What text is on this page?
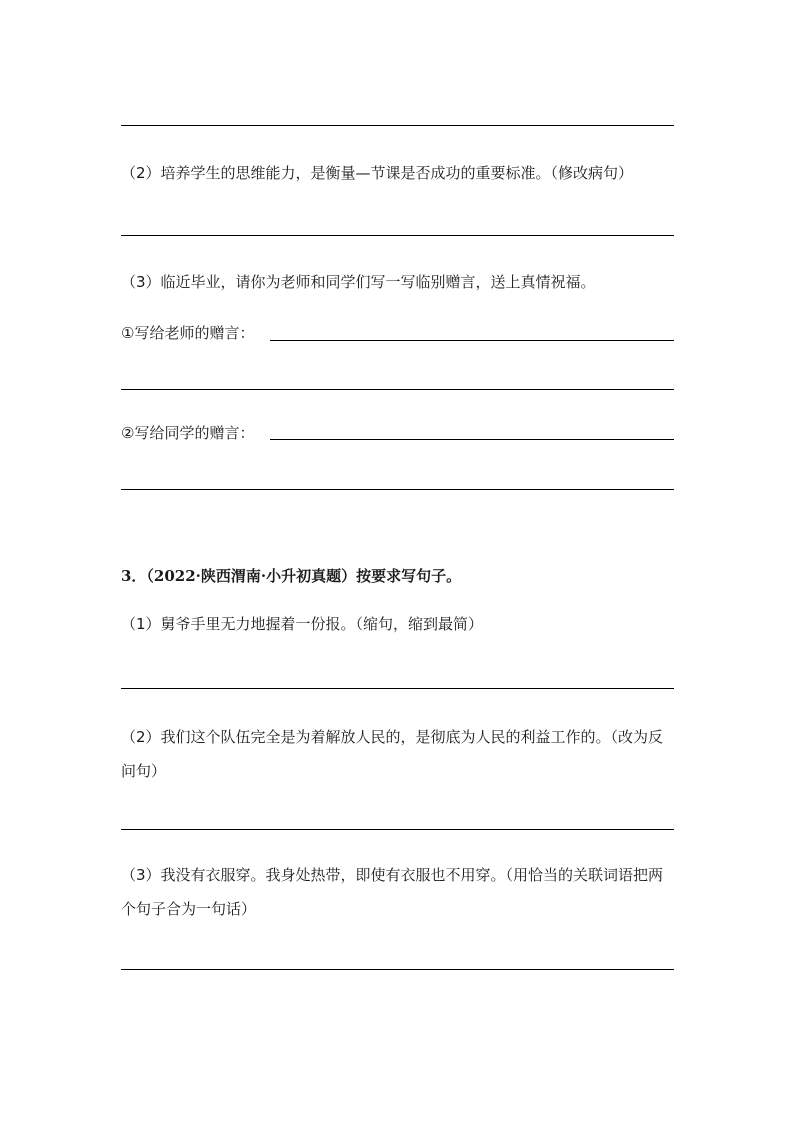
（2）培养学生的思维能力，是衡量—节课是否成功的重要标准。（修改病句）
（3）临近毕业，请你为老师和同学们写一写临别赠言，送上真情祝福。
①写给老师的赠言：
②写给同学的赠言：
3．（2022·陕西渭南·小升初真题）按要求写句子。
（1）舅爷手里无力地握着一份报。（缩句，缩到最简）
（2）我们这个队伍完全是为着解放人民的，是彻底为人民的利益工作的。（改为反问句）
（3）我没有衣服穿。我身处热带，即使有衣服也不用穿。（用恰当的关联词语把两个句子合为一句话）
